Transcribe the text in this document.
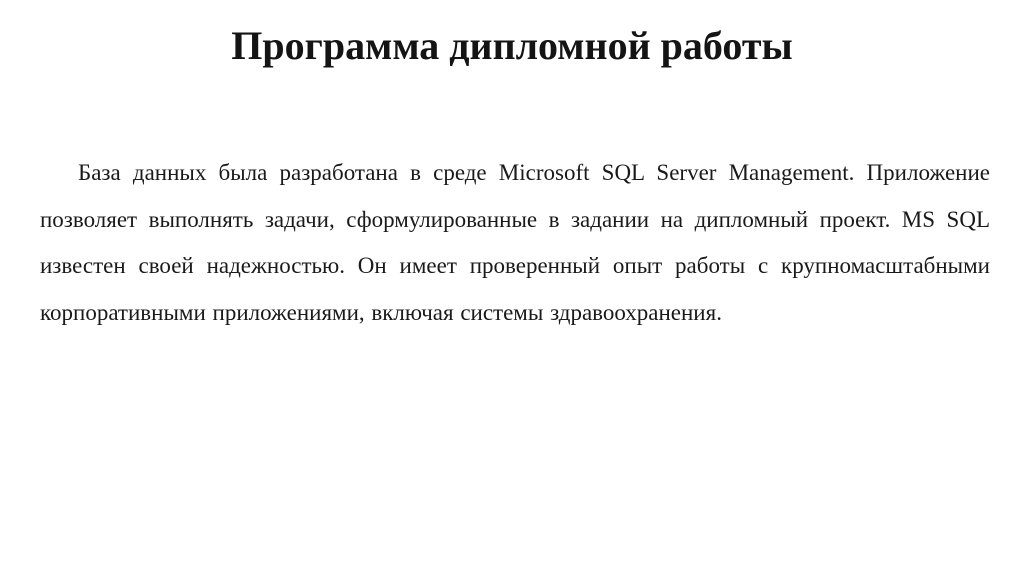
Программа дипломной работы

База данных была разработана в среде Microsoft SQL Server Management. Приложение позволяет выполнять задачи, сформулированные в задании на дипломный проект. MS SQL известен своей надежностью. Он имеет проверенный опыт работы с крупномасштабными корпоративными приложениями, включая системы здравоохранения.
